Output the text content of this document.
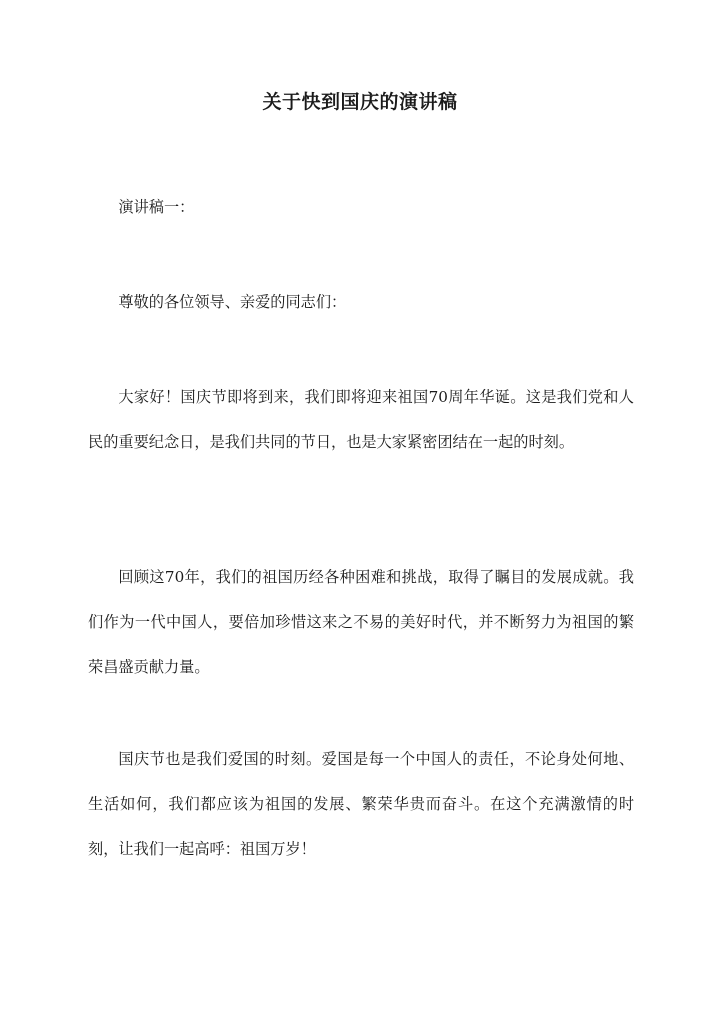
关于快到国庆的演讲稿

演讲稿一：

尊敬的各位领导、亲爱的同志们：

大家好！国庆节即将到来，我们即将迎来祖国70周年华诞。这是我们党和人民的重要纪念日，是我们共同的节日，也是大家紧密团结在一起的时刻。

回顾这70年，我们的祖国历经各种困难和挑战，取得了瞩目的发展成就。我们作为一代中国人，要倍加珍惜这来之不易的美好时代，并不断努力为祖国的繁荣昌盛贡献力量。

国庆节也是我们爱国的时刻。爱国是每一个中国人的责任，不论身处何地、生活如何，我们都应该为祖国的发展、繁荣华贵而奋斗。在这个充满激情的时刻，让我们一起高呼：祖国万岁！
